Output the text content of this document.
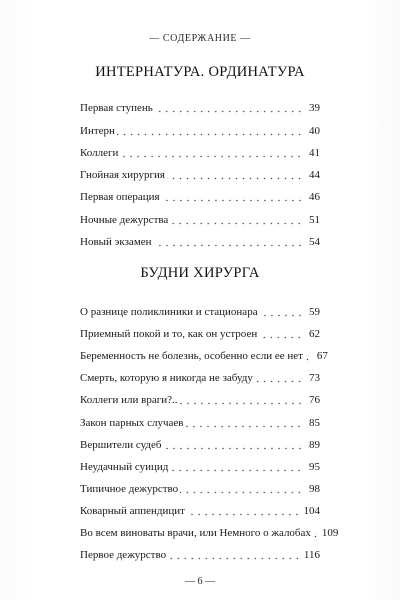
— СОДЕРЖАНИЕ —
ИНТЕРНАТУРА. ОРДИНАТУРА
Первая ступень	39
Интерн	40
Коллеги	41
Гнойная хирургия	44
Первая операция	46
Ночные дежурства	51
Новый экзамен	54
БУДНИ ХИРУРГА
О разнице поликлиники и стационара	59
Приемный покой и то, как он устроен	62
Беременность не болезнь, особенно если ее нет	67
Смерть, которую я никогда не забуду	73
Коллеги или враги?..	76
Закон парных случаев	85
Вершители судеб	89
Неудачный суицид	95
Типичное дежурство	98
Коварный аппендицит	104
Во всем виноваты врачи, или Немного о жалобах 109
Первое дежурство	116
— 6 —
